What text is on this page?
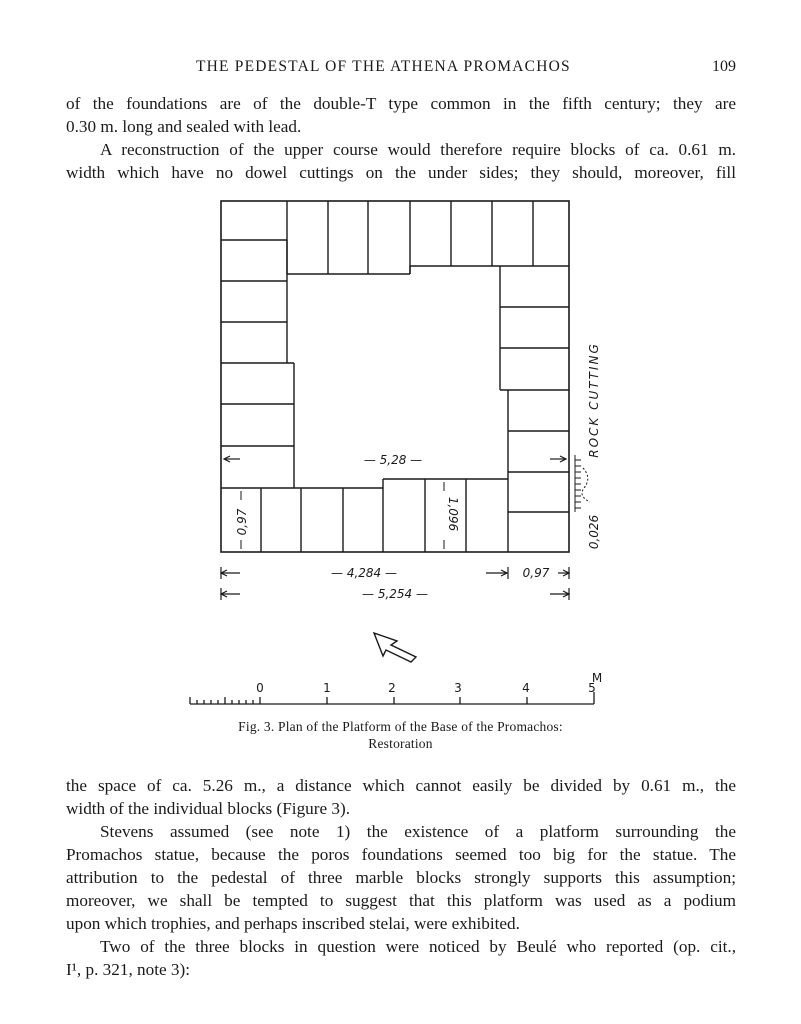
THE PEDESTAL OF THE ATHENA PROMACHOS	109
of the foundations are of the double-T type common in the fifth century; they are
0.30 m. long and sealed with lead.
A reconstruction of the upper course would therefore require blocks of ca. 0.61 m.
width which have no dowel cuttings on the under sides; they should, moreover, fill
— 5,28 —
0,97	1,096
ROCK CUTTING
0,026
— 4,284 —	0,97
— 5,254 —
0	1	2	3	4	5
M
Fig. 3. Plan of the Platform of the Base of the Promachos:
Restoration
the space of ca. 5.26 m., a distance which cannot easily be divided by 0.61 m., the
width of the individual blocks (Figure 3).
Stevens assumed (see note 1) the existence of a platform surrounding the
Promachos statue, because the poros foundations seemed too big for the statue. The
attribution to the pedestal of three marble blocks strongly supports this assumption;
moreover, we shall be tempted to suggest that this platform was used as a podium
upon which trophies, and perhaps inscribed stelai, were exhibited.
Two of the three blocks in question were noticed by Beulé who reported (op. cit.,
I¹, p. 321, note 3):
